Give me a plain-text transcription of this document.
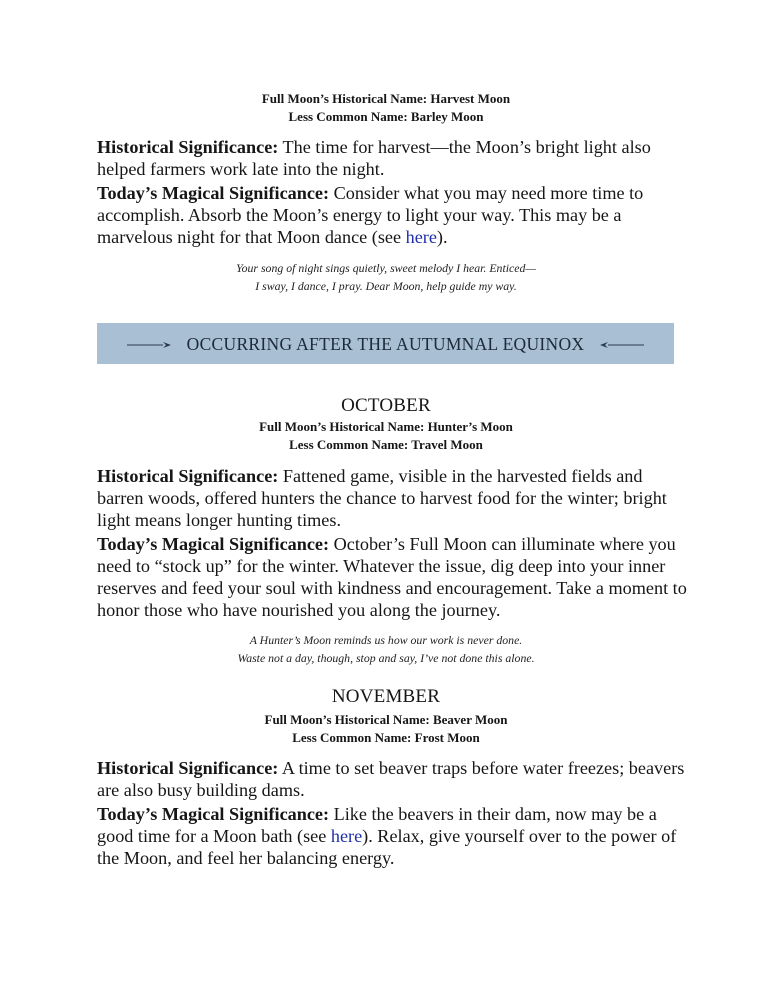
Full Moon’s Historical Name: Harvest Moon
Less Common Name: Barley Moon
Historical Significance: The time for harvest—the Moon’s bright light also helped farmers work late into the night.
Today’s Magical Significance: Consider what you may need more time to accomplish. Absorb the Moon’s energy to light your way. This may be a marvelous night for that Moon dance (see here).
Your song of night sings quietly, sweet melody I hear. Enticed—
I sway, I dance, I pray. Dear Moon, help guide my way.
OCCURRING AFTER THE AUTUMNAL EQUINOX
OCTOBER
Full Moon’s Historical Name: Hunter’s Moon
Less Common Name: Travel Moon
Historical Significance: Fattened game, visible in the harvested fields and barren woods, offered hunters the chance to harvest food for the winter; bright light means longer hunting times.
Today’s Magical Significance: October’s Full Moon can illuminate where you need to “stock up” for the winter. Whatever the issue, dig deep into your inner reserves and feed your soul with kindness and encouragement. Take a moment to honor those who have nourished you along the journey.
A Hunter’s Moon reminds us how our work is never done.
Waste not a day, though, stop and say, I’ve not done this alone.
NOVEMBER
Full Moon’s Historical Name: Beaver Moon
Less Common Name: Frost Moon
Historical Significance: A time to set beaver traps before water freezes; beavers are also busy building dams.
Today’s Magical Significance: Like the beavers in their dam, now may be a good time for a Moon bath (see here). Relax, give yourself over to the power of the Moon, and feel her balancing energy.
